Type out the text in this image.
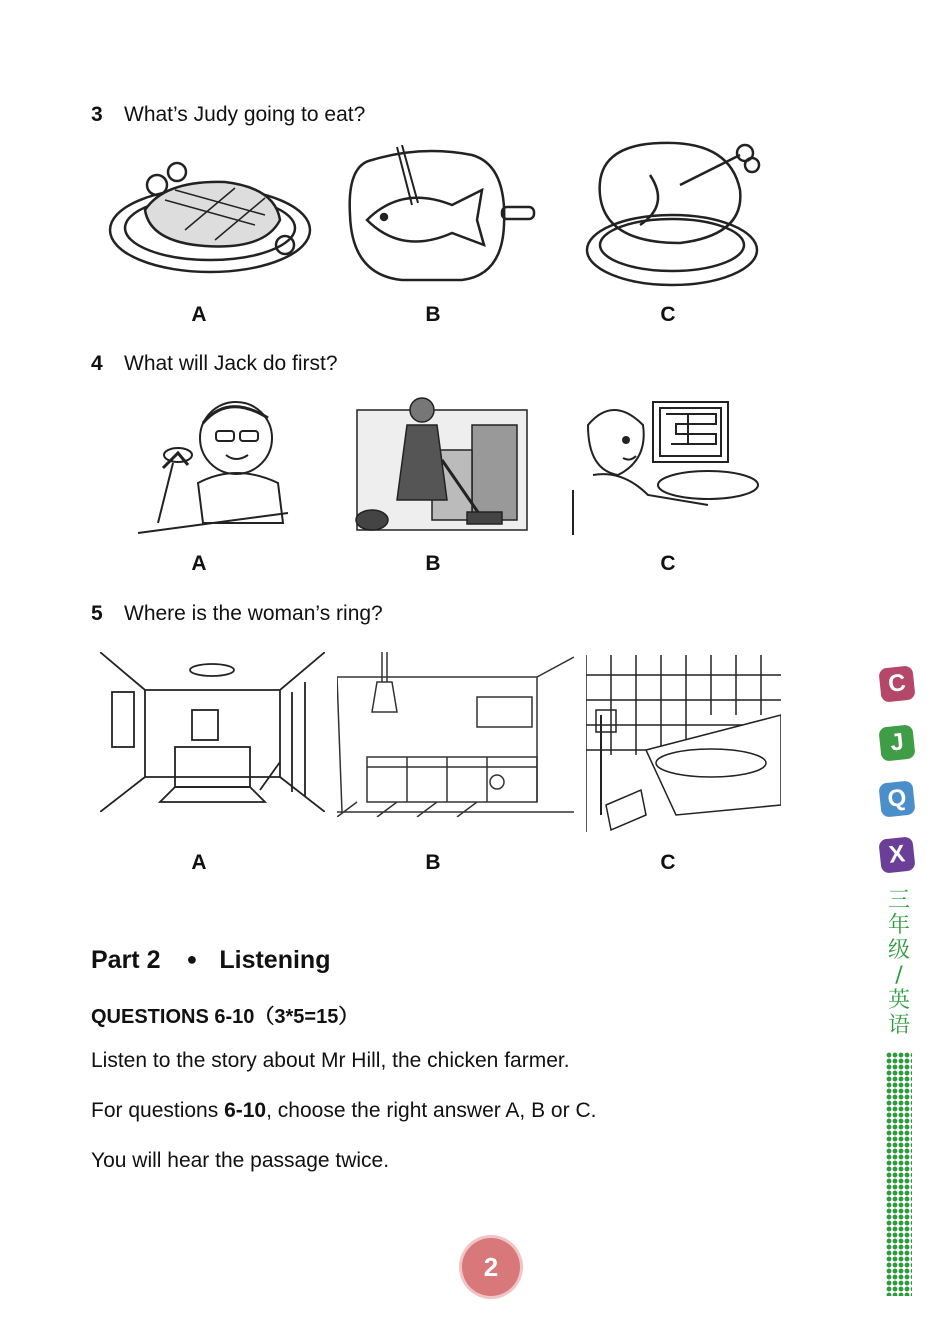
3 What’s Judy going to eat?
A	B	C
4 What will Jack do first?
A	B	C
5 Where is the woman’s ring?
A	B	C
Part 2 ● Listening
QUESTIONS 6-10（3*5=15）
Listen to the story about Mr Hill, the chicken farmer.
For questions 6-10, choose the right answer A, B or C.
You will hear the passage twice.
C
J
Q
X
三
年
级
/
英
语
2
